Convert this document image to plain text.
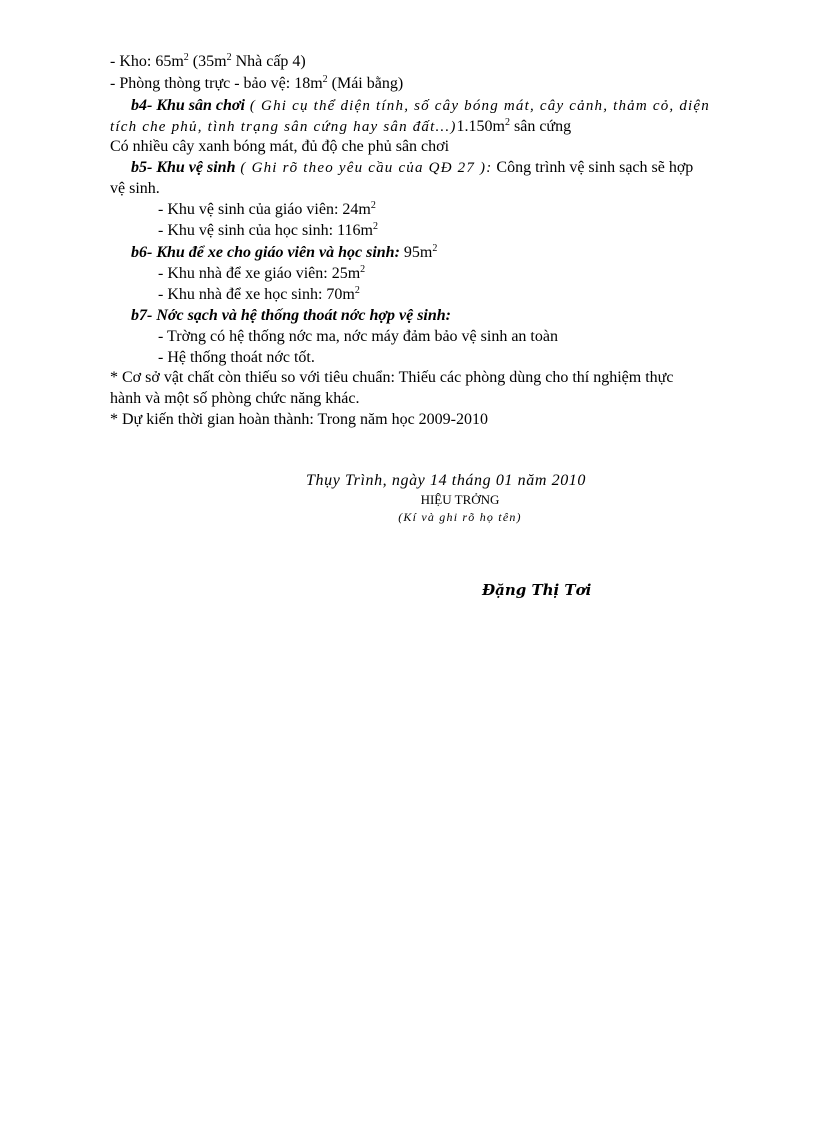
- Kho: $65m^2$ ($35m^2$ Nhà cấp 4)
- Phòng thòng trực - bảo vệ: $18m^2$ (Mái bằng)
b4- Khu sân chơi ( Ghi cụ thể diện tính, số cây bóng mát, cây cảnh, thảm cỏ, diện
tích che phủ, tình trạng sân cứng hay sân $đất...)1.150m^2$ sân cứng
Có nhiều cây xanh bóng mát, đủ độ che phủ sân chơi
b5- Khu vệ sinh ( Ghi rõ theo yêu cầu của QĐ 27 ): Công trình vệ sinh sạch sẽ hợp
vệ sinh.
- Khu vệ sinh của giáo viên: $24m^2$
- Khu vệ sinh của học sinh: $116m^2$
b6- Khu để xe cho giáo viên và học sinh: $95m^2$
- Khu nhà để xe giáo viên: $25m^2$
- Khu nhà để xe học sinh: $70m^2$
b7- Nớc sạch và hệ thống thoát nớc hợp vệ sinh:
- Trờng có hệ thống nớc ma, nớc máy đảm bảo vệ sinh an toàn
- Hệ thống thoát nớc tốt.
* Cơ sở vật chất còn thiếu so với tiêu chuẩn: Thiếu các phòng dùng cho thí nghiệm thực
hành và một số phòng chức năng khác.
* Dự kiến thời gian hoàn thành: Trong năm học 2009-2010
Thụy Trình, ngày 14 tháng 01 năm 2010
HIỆU TRỞNG
(Kí và ghi rõ họ tên)
Đặng Thị Tơi
